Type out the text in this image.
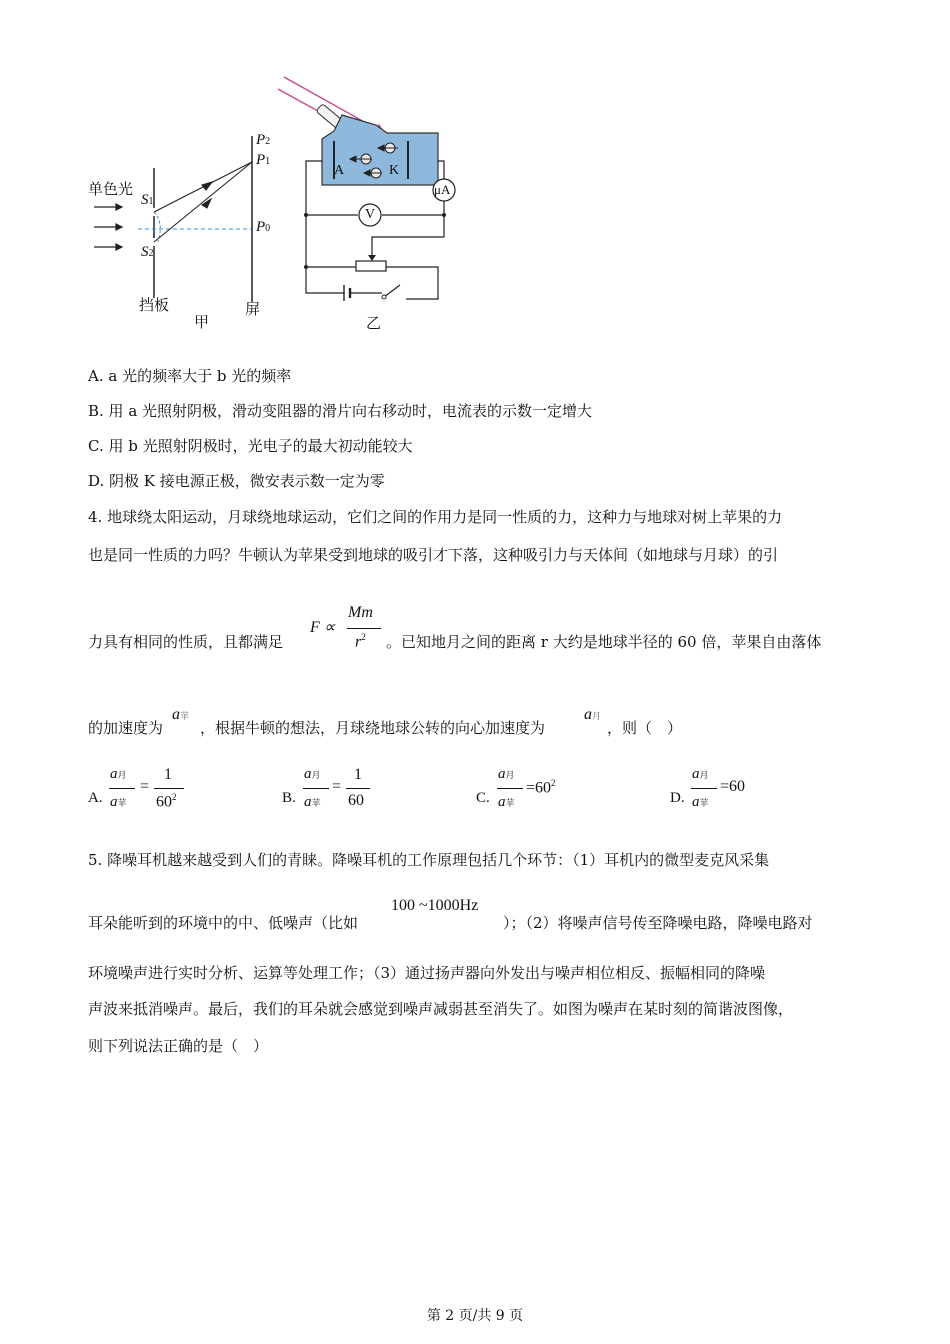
单色光
S1
S2
P2
P1
P0
挡板	屏
甲
A	K
μA
V
乙
A. a 光的频率大于 b 光的频率
B. 用 a 光照射阴极，滑动变阻器的滑片向右移动时，电流表的示数一定增大
C. 用 b 光照射阴极时，光电子的最大初动能较大
D. 阴极 K 接电源正极，微安表示数一定为零
4. 地球绕太阳运动，月球绕地球运动，它们之间的作用力是同一性质的力，这种力与地球对树上苹果的力
也是同一性质的力吗？牛顿认为苹果受到地球的吸引才下落，这种吸引力与天体间（如地球与月球）的引
力具有相同的性质，且都满足
F ∝
Mm
$r^2$ 。已知地月之间的距离 r 大约是地球半径的 60 倍，苹果自由落体
的加速度为
a苹
，根据牛顿的想法，月球绕地球公转的向心加速度为
a月
，则（　）
A.
a月
a苹
=
1
$60^2$	B.
a月
a苹
=
1
60	C.
a月
a苹
$=60^2$
D.
a月
a苹
=60
5. 降噪耳机越来越受到人们的青睐。降噪耳机的工作原理包括几个环节：（1）耳机内的微型麦克风采集
耳朵能听到的环境中的中、低噪声（比如
100 ~1000Hz
）；（2）将噪声信号传至降噪电路，降噪电路对
环境噪声进行实时分析、运算等处理工作；（3）通过扬声器向外发出与噪声相位相反、振幅相同的降噪
声波来抵消噪声。最后，我们的耳朵就会感觉到噪声减弱甚至消失了。如图为噪声在某时刻的简谐波图像，
则下列说法正确的是（　）
第 2 页/共 9 页
